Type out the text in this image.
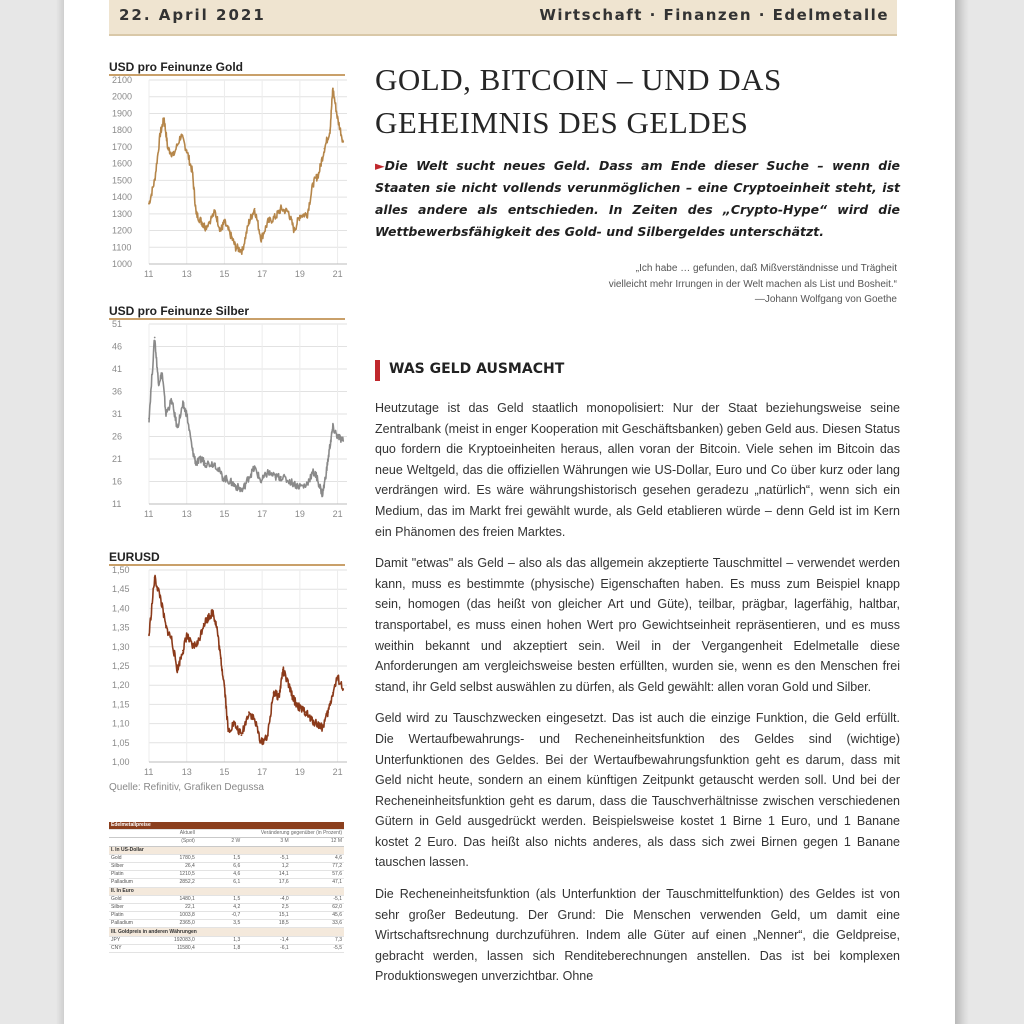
22. April 2021	Wirtschaft · Finanzen · Edelmetalle
USD pro Feinunze Gold
2100
2000
1900
1800
1700
1600
1500
1400
1300
1200
1100
1000
11	13	15	17	19	21
USD pro Feinunze Silber
51
46
41
36
31
26
21
16
11
11	13	15	17	19	21
EURUSD
1,50
1,45
1,40
1,35
1,30
1,25
1,20
1,15
1,10
1,05
1,00
11	13	15	17	19	21
Quelle: Refinitiv, Grafiken Degussa
Edelmetallpreise				
	Aktuell	Veränderung gegenüber (in Prozent)		
	(Spot)	2 W	3 M	12 M
I. In US-Dollar				
Gold	1780,5	1,5	-5,1	4,6
Silber	26,4	6,6	1,2	77,2
Platin	1210,5	4,6	14,1	57,6
Palladium	2852,2	6,1	17,6	47,1
II. In Euro				
Gold	1480,1	1,5	-4,0	-5,1
Silber	22,1	4,2	2,5	62,0
Platin	1003,8	-0,7	15,1	45,6
Palladium	2365,0	3,5	18,5	33,6
III. Goldpreis in anderen Währungen				
JPY	192083,0	1,3	-1,4	7,3
CNY	11580,4	1,8	-6,1	-5,5
GOLD, BITCOIN – UND DAS GEHEIMNIS DES GELDES
►Die Welt sucht neues Geld. Dass am Ende dieser Suche – wenn die Staaten sie nicht vollends verunmöglichen – eine Cryptoeinheit steht, ist alles andere als entschieden. In Zeiten des „Crypto-Hype“ wird die Wettbewerbsfähigkeit des Gold- und Silbergeldes unterschätzt.
„Ich habe … gefunden, daß Mißverständnisse und Trägheit vielleicht mehr Irrungen in der Welt machen als List und Bosheit.“
—Johann Wolfgang von Goethe
WAS GELD AUSMACHT

Heutzutage ist das Geld staatlich monopolisiert: Nur der Staat beziehungsweise seine Zentralbank (meist in enger Kooperation mit Geschäftsbanken) geben Geld aus. Diesen Status quo fordern die Kryptoeinheiten heraus, allen voran der Bitcoin. Viele sehen im Bitcoin das neue Weltgeld, das die offiziellen Währungen wie US-Dollar, Euro und Co über kurz oder lang verdrängen wird. Es wäre währungshistorisch gesehen geradezu „natürlich“, wenn sich ein Medium, das im Markt frei gewählt wurde, als Geld etablieren würde – denn Geld ist im Kern ein Phänomen des freien Marktes.

Damit "etwas" als Geld – also als das allgemein akzeptierte Tauschmittel – verwendet werden kann, muss es bestimmte (physische) Eigenschaften haben. Es muss zum Beispiel knapp sein, homogen (das heißt von gleicher Art und Güte), teilbar, prägbar, lagerfähig, haltbar, transportabel, es muss einen hohen Wert pro Gewichtseinheit repräsentieren, und es muss weithin bekannt und akzeptiert sein. Weil in der Vergangenheit Edelmetalle diese Anforderungen am vergleichsweise besten erfüllten, wurden sie, wenn es den Menschen frei stand, ihr Geld selbst auswählen zu dürfen, als Geld gewählt: allen voran Gold und Silber.

Geld wird zu Tauschzwecken eingesetzt. Das ist auch die einzige Funktion, die Geld erfüllt. Die Wertaufbewahrungs- und Recheneinheitsfunktion des Geldes sind (wichtige) Unterfunktionen des Geldes. Bei der Wertaufbewahrungsfunktion geht es darum, dass mit Geld nicht heute, sondern an einem künftigen Zeitpunkt getauscht werden soll. Und bei der Recheneinheitsfunktion geht es darum, dass die Tauschverhältnisse zwischen verschiedenen Gütern in Geld ausgedrückt werden. Beispielsweise kostet 1 Birne 1 Euro, und 1 Banane kostet 2 Euro. Das heißt also nichts anderes, als dass sich zwei Birnen gegen 1 Banane tauschen lassen.

Die Recheneinheitsfunktion (als Unterfunktion der Tauschmittelfunktion) des Geldes ist von sehr großer Bedeutung. Der Grund: Die Menschen verwenden Geld, um damit eine Wirtschaftsrechnung durchzuführen. Indem alle Güter auf einen „Nenner“, die Geldpreise, gebracht werden, lassen sich Renditeberechnungen anstellen. Das ist bei komplexen Produktionswegen unverzichtbar. Ohne
